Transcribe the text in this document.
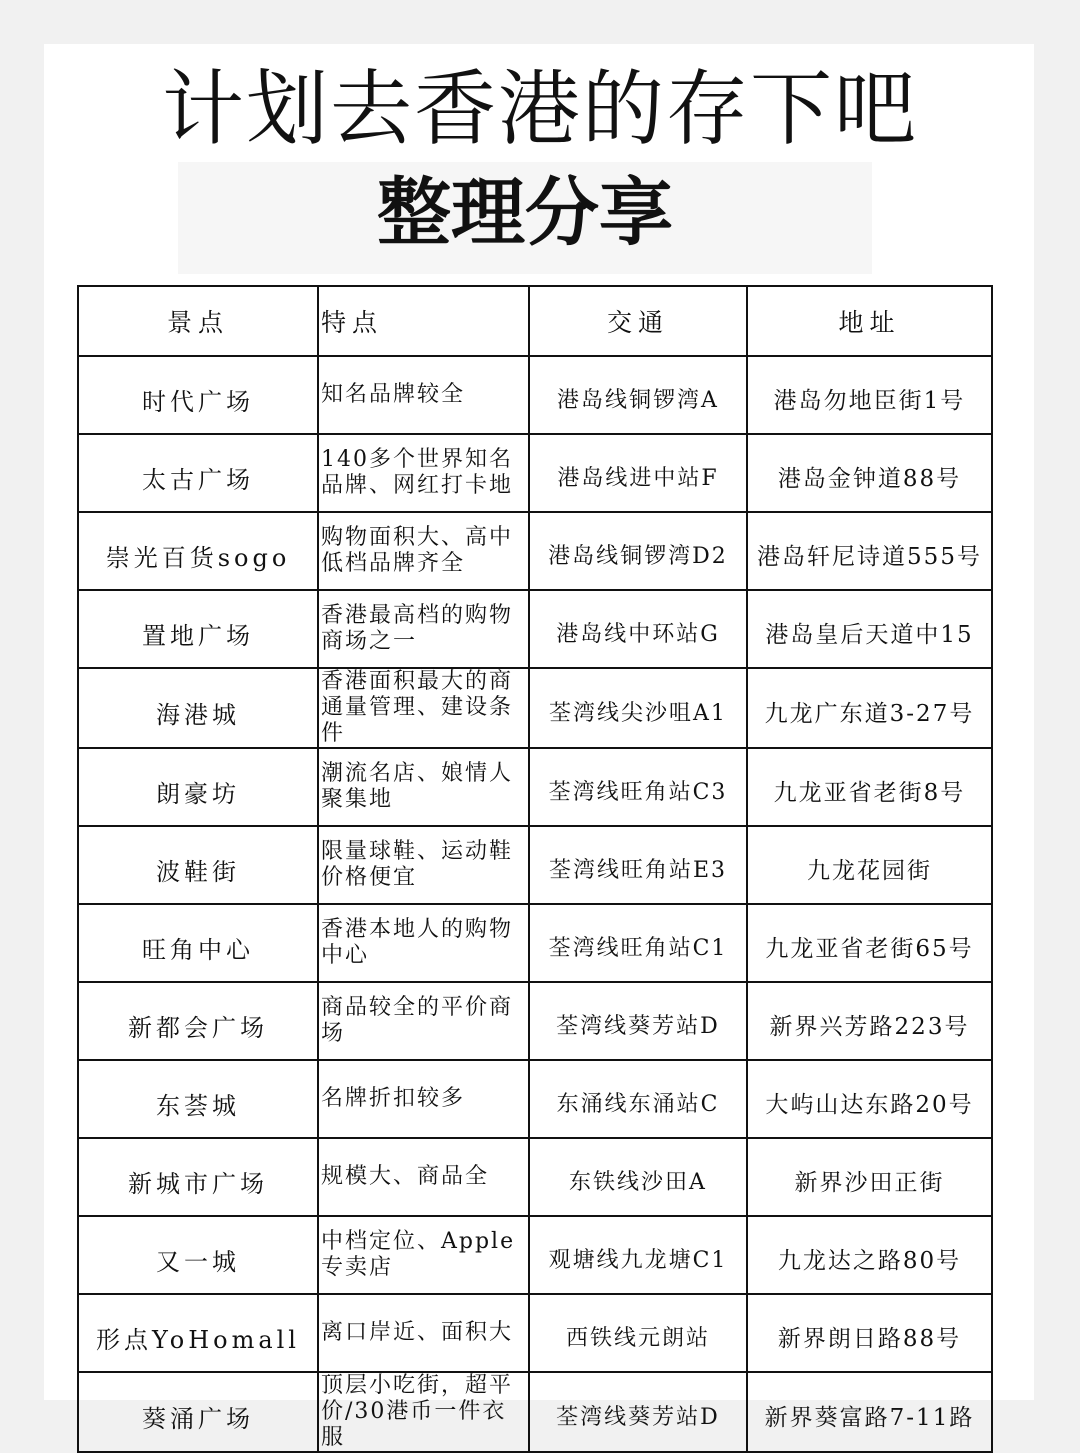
计划去香港的存下吧
整理分享
景点	特点	交通	地址
时代广场	知名品牌较全	港岛线铜锣湾A	港岛勿地臣街1号
太古广场	140多个世界知名品牌、网红打卡地	港岛线进中站F	港岛金钟道88号
崇光百货sogo	购物面积大、高中低档品牌齐全	港岛线铜锣湾D2	港岛轩尼诗道555号
置地广场	香港最高档的购物商场之一	港岛线中环站G	港岛皇后天道中15
海港城	香港面积最大的商通量管理、建设条件	荃湾线尖沙咀A1	九龙广东道3-27号
朗豪坊	潮流名店、娘情人聚集地	荃湾线旺角站C3	九龙亚省老街8号
波鞋街	限量球鞋、运动鞋价格便宜	荃湾线旺角站E3	九龙花园街
旺角中心	香港本地人的购物中心	荃湾线旺角站C1	九龙亚省老街65号
新都会广场	商品较全的平价商场	荃湾线葵芳站D	新界兴芳路223号
东荟城	名牌折扣较多	东涌线东涌站C	大屿山达东路20号
新城市广场	规模大、商品全	东铁线沙田A	新界沙田正街
又一城	中档定位、Apple专卖店	观塘线九龙塘C1	九龙达之路80号
形点YoHomall	离口岸近、面积大	西铁线元朗站	新界朗日路88号
葵涌广场	顶层小吃街，超平价/30港币一件衣服	荃湾线葵芳站D	新界葵富路7-11路
